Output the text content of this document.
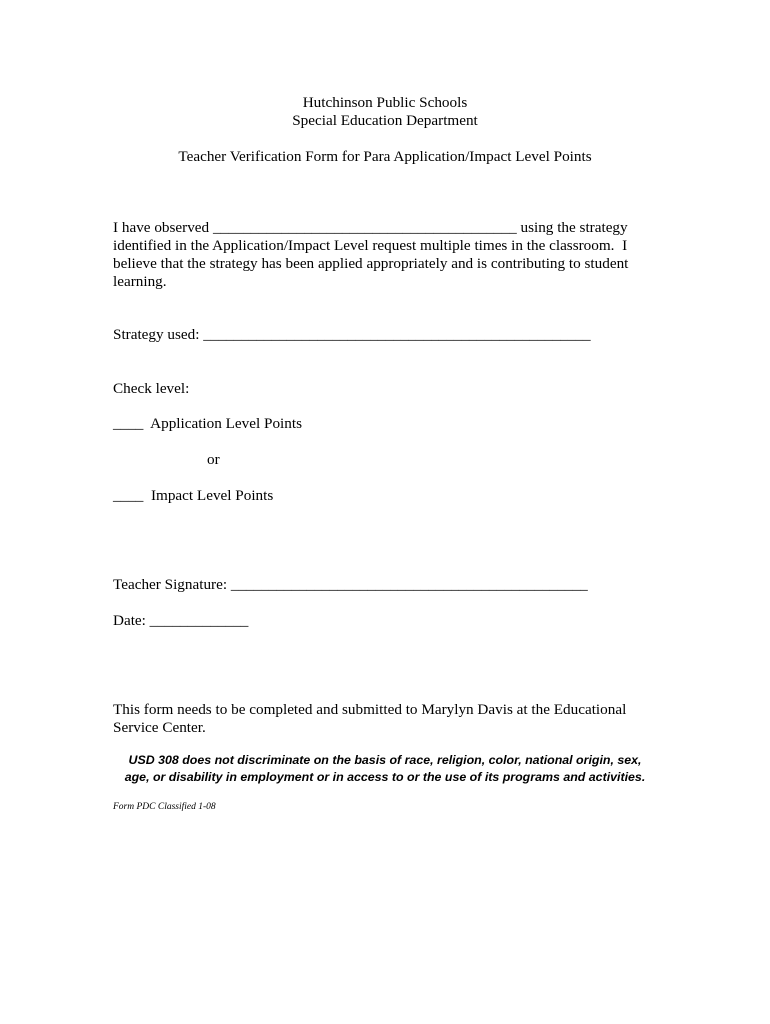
Hutchinson Public Schools
Special Education Department
Teacher Verification Form for Para Application/Impact Level Points
I have observed ________________________________________ using the strategy
identified in the Application/Impact Level request multiple times in the classroom.  I
believe that the strategy has been applied appropriately and is contributing to student
learning.
Strategy used: ___________________________________________________
Check level:
____  Application Level Points
or
____  Impact Level Points
Teacher Signature: _______________________________________________
Date: _____________
This form needs to be completed and submitted to Marylyn Davis at the Educational
Service Center.
USD 308 does not discriminate on the basis of race, religion, color, national origin, sex,
age, or disability in employment or in access to or the use of its programs and activities.
Form PDC Classified 1-08
